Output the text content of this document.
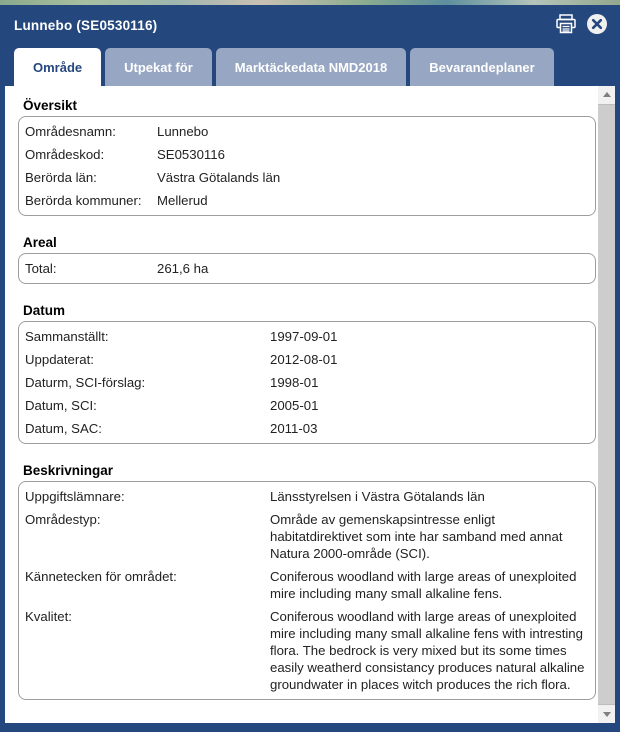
Lunnebo (SE0530116)
Område	Utpekat för	Marktäckedata NMD2018	Bevarandeplaner
Översikt
Områdesnamn:	Lunnebo
Områdeskod:	SE0530116
Berörda län:	Västra Götalands län
Berörda kommuner:	Mellerud
Areal
Total:	261,6 ha
Datum
Sammanställt:	1997-09-01
Uppdaterat:	2012-08-01
Daturm, SCI-förslag:	1998-01
Datum, SCI:	2005-01
Datum, SAC:	2011-03
Beskrivningar
Uppgiftslämnare:	Länsstyrelsen i Västra Götalands län
Områdestyp:	Område av gemenskapsintresse enligt habitatdirektivet som inte har samband med annat Natura 2000-område (SCI).
Kännetecken för området:	Coniferous woodland with large areas of unexploited mire including many small alkaline fens.
Kvalitet:	Coniferous woodland with large areas of unexploited mire including many small alkaline fens with intresting flora. The bedrock is very mixed but its some times easily weatherd consistancy produces natural alkaline groundwater in places witch produces the rich flora.
